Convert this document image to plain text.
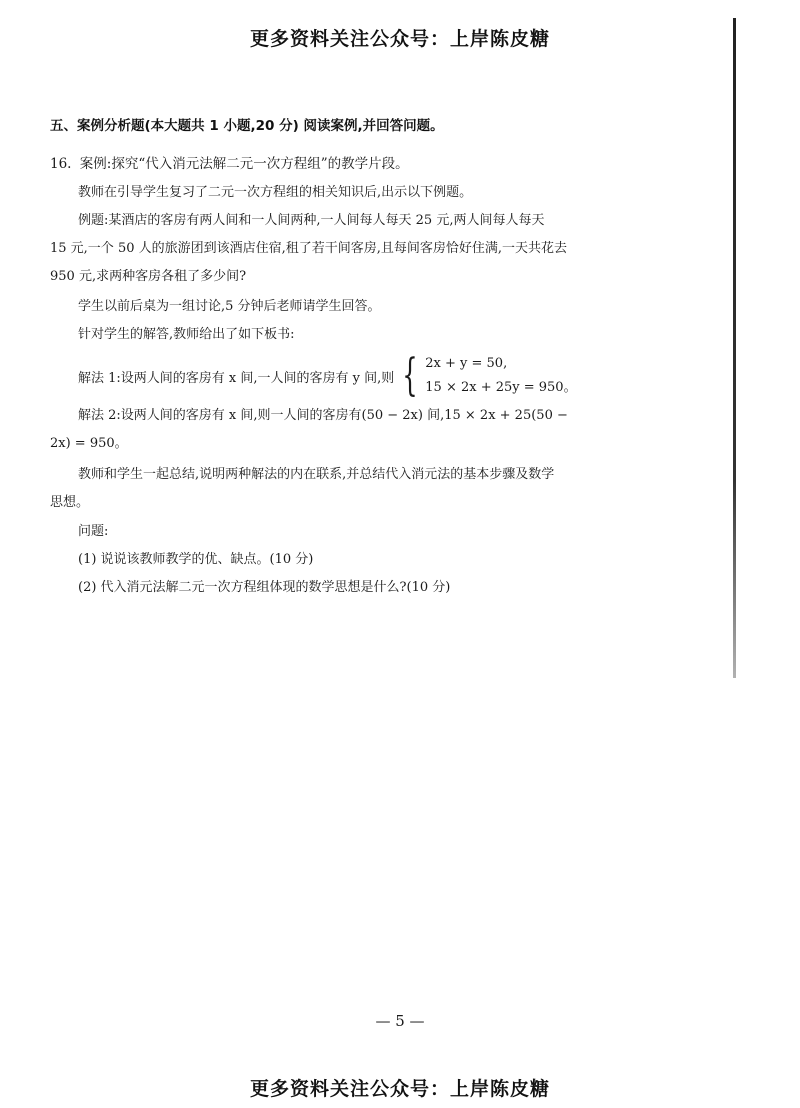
更多资料关注公众号：上岸陈皮糖
五、案例分析题(本大题共 1 小题,20 分) 阅读案例,并回答问题。
16. 案例:探究“代入消元法解二元一次方程组”的教学片段。
教师在引导学生复习了二元一次方程组的相关知识后,出示以下例题。
例题:某酒店的客房有两人间和一人间两种,一人间每人每天 25 元,两人间每人每天
15 元,一个 50 人的旅游团到该酒店住宿,租了若干间客房,且每间客房恰好住满,一天共花去
950 元,求两种客房各租了多少间?
学生以前后桌为一组讨论,5 分钟后老师请学生回答。
针对学生的解答,教师给出了如下板书:
解法 1:设两人间的客房有 x 间,一人间的客房有 y 间,则 { 2x + y = 50,
15 × 2x + 25y = 950。
解法 2:设两人间的客房有 x 间,则一人间的客房有(50 − 2x) 间,15 × 2x + 25(50 −
2x) = 950。
教师和学生一起总结,说明两种解法的内在联系,并总结代入消元法的基本步骤及数学
思想。
问题:
(1) 说说该教师教学的优、缺点。(10 分)
(2) 代入消元法解二元一次方程组体现的数学思想是什么?(10 分)
— 5 —
更多资料关注公众号：上岸陈皮糖
